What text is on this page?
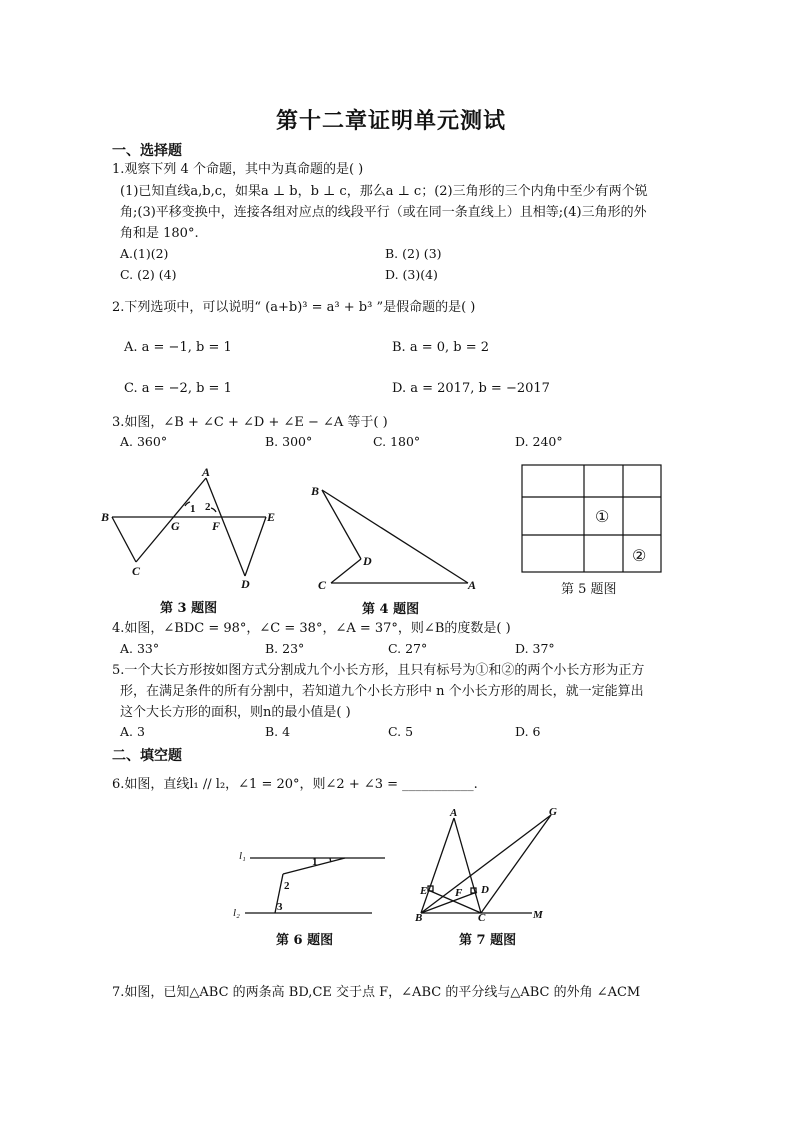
第十二章证明单元测试
一、选择题
1.观察下列 4 个命题，其中为真命题的是( )
(1)已知直线a,b,c，如果a ⊥ b，b ⊥ c，那么a ⊥ c；(2)三角形的三个内角中至少有两个锐
角;(3)平移变换中，连接各组对应点的线段平行（或在同一条直线上）且相等;(4)三角形的外
角和是 180°.
A.(1)(2)	B. (2) (3)
C. (2) (4)	D. (3)(4)
2.下列选项中，可以说明“ (a+b)³ = a³ + b³ ”是假命题的是( )
A. a = −1, b = 1	B. a = 0, b = 2
C. a = −2, b = 1	D. a = 2017, b = −2017
3.如图，∠B + ∠C + ∠D + ∠E − ∠A 等于( )
A. 360°	B. 300°	C. 180°	D. 240°
A
B
C
D
E
G	F
1 2
第 3 题图
B
D
C	A
第 4 题图
①
②
第 5 题图
4.如图，∠BDC = 98°，∠C = 38°，∠A = 37°，则∠B的度数是( )
A. 33°	B. 23°	C. 27°	D. 37°
5.一个大长方形按如图方式分割成九个小长方形，且只有标号为①和②的两个小长方形为正方
形，在满足条件的所有分割中，若知道九个小长方形中 n 个小长方形的周长，就一定能算出
这个大长方形的面积，则n的最小值是( )
A. 3	B. 4	C. 5	D. 6
二、填空题
6.如图，直线l₁ // l₂，∠1 = 20°，则∠2 + ∠3 = ___________.
l₁
l₂
1
2
3
第 6 题图
A	G
E	F D
B	C	M
第 7 题图
7.如图，已知△ABC 的两条高 BD,CE 交于点 F，∠ABC 的平分线与△ABC 的外角 ∠ACM
